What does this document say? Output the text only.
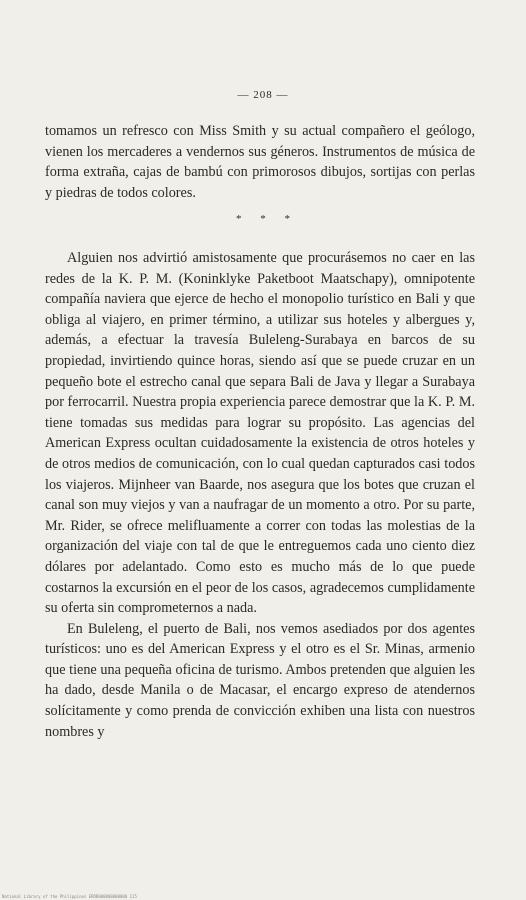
— 208 —

tomamos un refresco con Miss Smith y su actual compañero el geólogo, vienen los mercaderes a vendernos sus géneros. Instrumentos de música de forma extraña, cajas de bambú con primorosos dibujos, sortijas con perlas y piedras de todos colores.

* * *

Alguien nos advirtió amistosamente que procurásemos no caer en las redes de la K. P. M. (Koninklyke Paketboot Maatschapy), omnipotente compañía naviera que ejerce de hecho el monopolio turístico en Bali y que obliga al viajero, en primer término, a utilizar sus hoteles y albergues y, además, a efectuar la travesía Buleleng-Surabaya en barcos de su propiedad, invirtiendo quince horas, siendo así que se puede cruzar en un pequeño bote el estrecho canal que separa Bali de Java y llegar a Surabaya por ferrocarril. Nuestra propia experiencia parece demostrar que la K. P. M. tiene tomadas sus medidas para lograr su propósito. Las agencias del American Express ocultan cuidadosamente la existencia de otros hoteles y de otros medios de comunicación, con lo cual quedan capturados casi todos los viajeros. Mijnheer van Baarde, nos asegura que los botes que cruzan el canal son muy viejos y van a naufragar de un momento a otro. Por su parte, Mr. Rider, se ofrece melifluamente a correr con todas las molestias de la organización del viaje con tal de que le entreguemos cada uno ciento diez dólares por adelantado. Como esto es mucho más de lo que puede costarnos la excursión en el peor de los casos, agradecemos cumplidamente su oferta sin comprometernos a nada.

En Buleleng, el puerto de Bali, nos vemos asediados por dos agentes turísticos: uno es del American Express y el otro es el Sr. Minas, armenio que tiene una pequeña oficina de turismo. Ambos pretenden que alguien les ha dado, desde Manila o de Macasar, el encargo expreso de atendernos solícitamente y como prenda de convicción exhiben una lista con nuestros nombres y

National Library of the Philippines ERDB000000000000 115
